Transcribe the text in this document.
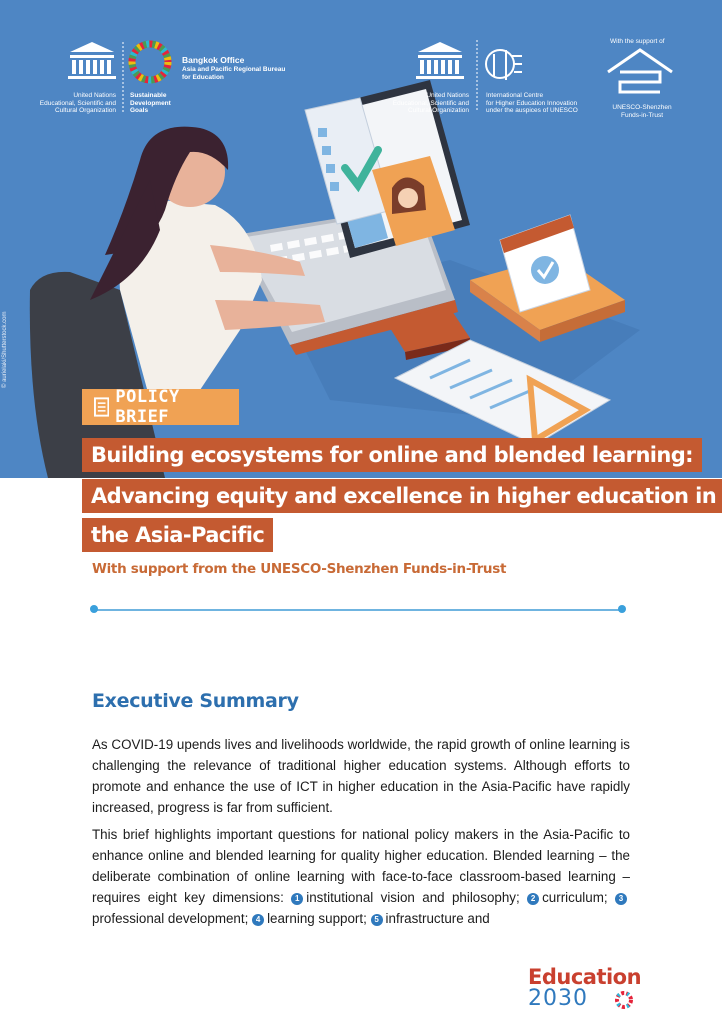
United Nations
Educational, Scientific and
Cultural Organization
Sustainable
Development
Goals
Bangkok Office
Asia and Pacific Regional Bureau
for Education
United Nations
Educational, Scientific and
Cultural Organization
International Centre
for Higher Education Innovation
under the auspices of UNESCO
With the support of
UNESCO-Shenzhen
Funds-in-Trust
© aurielaki/Shutterstock.com
POLICY BRIEF
Building ecosystems for online and blended learning:
Advancing equity and excellence in higher education in
the Asia-Pacific
With support from the UNESCO-Shenzhen Funds-in-Trust
Executive Summary
As COVID-19 upends lives and livelihoods worldwide, the rapid growth of online learning is challenging the relevance of traditional higher education systems. Although efforts to promote and enhance the use of ICT in higher education in the Asia-Pacific have rapidly increased, progress is far from sufficient.
This brief highlights important questions for national policy makers in the Asia-Pacific to enhance online and blended learning for quality higher education. Blended learning – the deliberate combination of online learning with face-to-face classroom-based learning – requires eight key dimensions: 1 institutional vision and philosophy; 2 curriculum; 3professional development; 4 learning support; 5 infrastructure and
Education
2030
